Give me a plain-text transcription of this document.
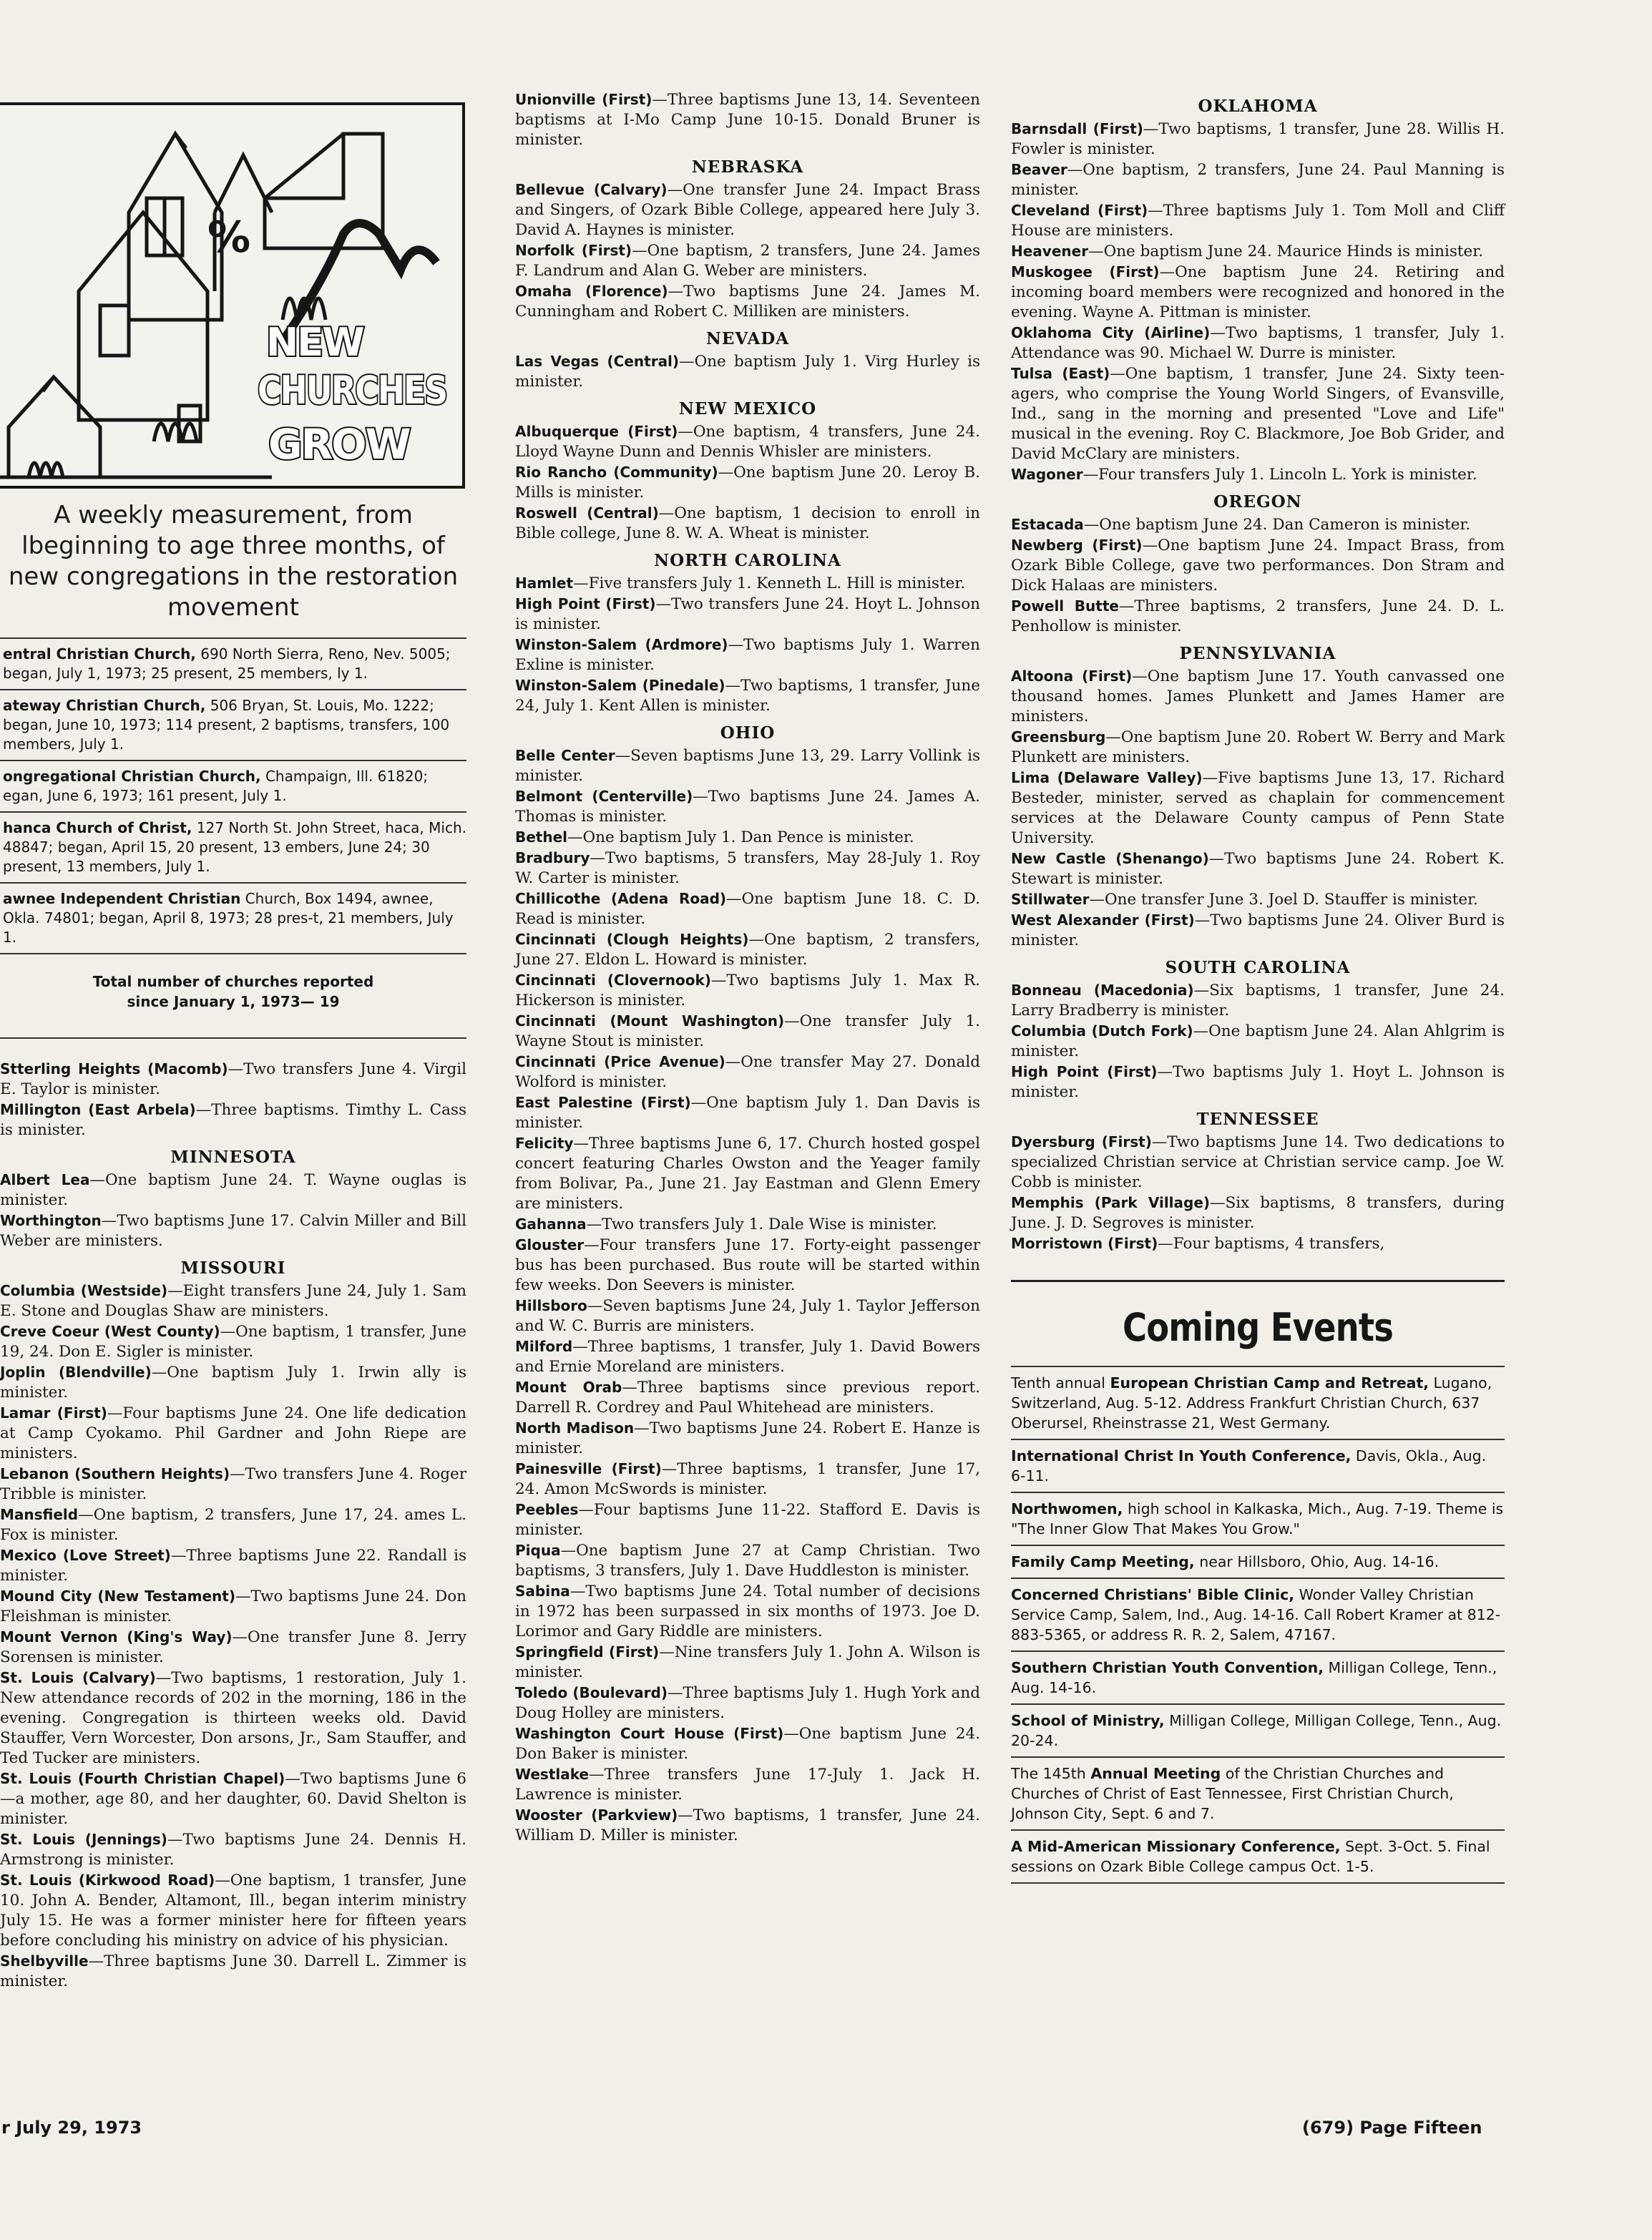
%
NEW
CHURCHES
GROW
A weekly measurement, from lbeginning to age three months, of new congregations in the restoration movement
entral Christian Church, 690 North Sierra, Reno, Nev. 5005; began, July 1, 1973; 25 present, 25 members, ly 1.
ateway Christian Church, 506 Bryan, St. Louis, Mo. 1222; began, June 10, 1973; 114 present, 2 baptisms, transfers, 100 members, July 1.
ongregational Christian Church, Champaign, Ill. 61820; egan, June 6, 1973; 161 present, July 1.
hanca Church of Christ, 127 North St. John Street, haca, Mich. 48847; began, April 15, 20 present, 13 embers, June 24; 30 present, 13 members, July 1.
awnee Independent Christian Church, Box 1494, awnee, Okla. 74801; began, April 8, 1973; 28 pres-t, 21 members, July 1.
Total number of churches reported
since January 1, 1973— 19

Stterling Heights (Macomb)—Two transfers June 4. Virgil E. Taylor is minister.

Millington (East Arbela)—Three baptisms. Timthy L. Cass is minister.

MINNESOTA

Albert Lea—One baptism June 24. T. Wayne ouglas is minister.

Worthington—Two baptisms June 17. Calvin Miller and Bill Weber are ministers.

MISSOURI

Columbia (Westside)—Eight transfers June 24, July 1. Sam E. Stone and Douglas Shaw are ministers.

Creve Coeur (West County)—One baptism, 1 transfer, June 19, 24. Don E. Sigler is minister.

Joplin (Blendville)—One baptism July 1. Irwin ally is minister.

Lamar (First)—Four baptisms June 24. One life dedication at Camp Cyokamo. Phil Gardner and John Riepe are ministers.

Lebanon (Southern Heights)—Two transfers June 4. Roger Tribble is minister.

Mansfield—One baptism, 2 transfers, June 17, 24. ames L. Fox is minister.

Mexico (Love Street)—Three baptisms June 22. Randall is minister.

Mound City (New Testament)—Two baptisms June 24. Don Fleishman is minister.

Mount Vernon (King's Way)—One transfer June 8. Jerry Sorensen is minister.

St. Louis (Calvary)—Two baptisms, 1 restoration, July 1. New attendance records of 202 in the morning, 186 in the evening. Congregation is thirteen weeks old. David Stauffer, Vern Worcester, Don arsons, Jr., Sam Stauffer, and Ted Tucker are ministers.

St. Louis (Fourth Christian Chapel)—Two baptisms June 6—a mother, age 80, and her daughter, 60. David Shelton is minister.

St. Louis (Jennings)—Two baptisms June 24. Dennis H. Armstrong is minister.

St. Louis (Kirkwood Road)—One baptism, 1 transfer, June 10. John A. Bender, Altamont, Ill., began interim ministry July 15. He was a former minister here for fifteen years before concluding his ministry on advice of his physician.

Shelbyville—Three baptisms June 30. Darrell L. Zimmer is minister.

Unionville (First)—Three baptisms June 13, 14. Seventeen baptisms at I-Mo Camp June 10-15. Donald Bruner is minister.

NEBRASKA

Bellevue (Calvary)—One transfer June 24. Impact Brass and Singers, of Ozark Bible College, appeared here July 3. David A. Haynes is minister.

Norfolk (First)—One baptism, 2 transfers, June 24. James F. Landrum and Alan G. Weber are ministers.

Omaha (Florence)—Two baptisms June 24. James M. Cunningham and Robert C. Milliken are ministers.

NEVADA

Las Vegas (Central)—One baptism July 1. Virg Hurley is minister.

NEW MEXICO

Albuquerque (First)—One baptism, 4 transfers, June 24. Lloyd Wayne Dunn and Dennis Whisler are ministers.

Rio Rancho (Community)—One baptism June 20. Leroy B. Mills is minister.

Roswell (Central)—One baptism, 1 decision to enroll in Bible college, June 8. W. A. Wheat is minister.

NORTH CAROLINA

Hamlet—Five transfers July 1. Kenneth L. Hill is minister.

High Point (First)—Two transfers June 24. Hoyt L. Johnson is minister.

Winston-Salem (Ardmore)—Two baptisms July 1. Warren Exline is minister.

Winston-Salem (Pinedale)—Two baptisms, 1 transfer, June 24, July 1. Kent Allen is minister.

OHIO

Belle Center—Seven baptisms June 13, 29. Larry Vollink is minister.

Belmont (Centerville)—Two baptisms June 24. James A. Thomas is minister.

Bethel—One baptism July 1. Dan Pence is minister.

Bradbury—Two baptisms, 5 transfers, May 28-July 1. Roy W. Carter is minister.

Chillicothe (Adena Road)—One baptism June 18. C. D. Read is minister.

Cincinnati (Clough Heights)—One baptism, 2 transfers, June 27. Eldon L. Howard is minister.

Cincinnati (Clovernook)—Two baptisms July 1. Max R. Hickerson is minister.

Cincinnati (Mount Washington)—One transfer July 1. Wayne Stout is minister.

Cincinnati (Price Avenue)—One transfer May 27. Donald Wolford is minister.

East Palestine (First)—One baptism July 1. Dan Davis is minister.

Felicity—Three baptisms June 6, 17. Church hosted gospel concert featuring Charles Owston and the Yeager family from Bolivar, Pa., June 21. Jay Eastman and Glenn Emery are ministers.

Gahanna—Two transfers July 1. Dale Wise is minister.

Glouster—Four transfers June 17. Forty-eight passenger bus has been purchased. Bus route will be started within few weeks. Don Seevers is minister.

Hillsboro—Seven baptisms June 24, July 1. Taylor Jefferson and W. C. Burris are ministers.

Milford—Three baptisms, 1 transfer, July 1. David Bowers and Ernie Moreland are ministers.

Mount Orab—Three baptisms since previous report. Darrell R. Cordrey and Paul Whitehead are ministers.

North Madison—Two baptisms June 24. Robert E. Hanze is minister.

Painesville (First)—Three baptisms, 1 transfer, June 17, 24. Amon McSwords is minister.

Peebles—Four baptisms June 11-22. Stafford E. Davis is minister.

Piqua—One baptism June 27 at Camp Christian. Two baptisms, 3 transfers, July 1. Dave Huddleston is minister.

Sabina—Two baptisms June 24. Total number of decisions in 1972 has been surpassed in six months of 1973. Joe D. Lorimor and Gary Riddle are ministers.

Springfield (First)—Nine transfers July 1. John A. Wilson is minister.

Toledo (Boulevard)—Three baptisms July 1. Hugh York and Doug Holley are ministers.

Washington Court House (First)—One baptism June 24. Don Baker is minister.

Westlake—Three transfers June 17-July 1. Jack H. Lawrence is minister.

Wooster (Parkview)—Two baptisms, 1 transfer, June 24. William D. Miller is minister.

OKLAHOMA

Barnsdall (First)—Two baptisms, 1 transfer, June 28. Willis H. Fowler is minister.

Beaver—One baptism, 2 transfers, June 24. Paul Manning is minister.

Cleveland (First)—Three baptisms July 1. Tom Moll and Cliff House are ministers.

Heavener—One baptism June 24. Maurice Hinds is minister.

Muskogee (First)—One baptism June 24. Retiring and incoming board members were recognized and honored in the evening. Wayne A. Pittman is minister.

Oklahoma City (Airline)—Two baptisms, 1 transfer, July 1. Attendance was 90. Michael W. Durre is minister.

Tulsa (East)—One baptism, 1 transfer, June 24. Sixty teen-agers, who comprise the Young World Singers, of Evansville, Ind., sang in the morning and presented "Love and Life" musical in the evening. Roy C. Blackmore, Joe Bob Grider, and David McClary are ministers.

Wagoner—Four transfers July 1. Lincoln L. York is minister.

OREGON

Estacada—One baptism June 24. Dan Cameron is minister.

Newberg (First)—One baptism June 24. Impact Brass, from Ozark Bible College, gave two performances. Don Stram and Dick Halaas are ministers.

Powell Butte—Three baptisms, 2 transfers, June 24. D. L. Penhollow is minister.

PENNSYLVANIA

Altoona (First)—One baptism June 17. Youth canvassed one thousand homes. James Plunkett and James Hamer are ministers.

Greensburg—One baptism June 20. Robert W. Berry and Mark Plunkett are ministers.

Lima (Delaware Valley)—Five baptisms June 13, 17. Richard Besteder, minister, served as chaplain for commencement services at the Delaware County campus of Penn State University.

New Castle (Shenango)—Two baptisms June 24. Robert K. Stewart is minister.

Stillwater—One transfer June 3. Joel D. Stauffer is minister.

West Alexander (First)—Two baptisms June 24. Oliver Burd is minister.

SOUTH CAROLINA

Bonneau (Macedonia)—Six baptisms, 1 transfer, June 24. Larry Bradberry is minister.

Columbia (Dutch Fork)—One baptism June 24. Alan Ahlgrim is minister.

High Point (First)—Two baptisms July 1. Hoyt L. Johnson is minister.

TENNESSEE

Dyersburg (First)—Two baptisms June 14. Two dedications to specialized Christian service at Christian service camp. Joe W. Cobb is minister.

Memphis (Park Village)—Six baptisms, 8 transfers, during June. J. D. Segroves is minister.

Morristown (First)—Four baptisms, 4 transfers,

Coming Events
Tenth annual European Christian Camp and Retreat, Lugano, Switzerland, Aug. 5-12. Address Frankfurt Christian Church, 637 Oberursel, Rheinstrasse 21, West Germany.
International Christ In Youth Conference, Davis, Okla., Aug. 6-11.
Northwomen, high school in Kalkaska, Mich., Aug. 7-19. Theme is "The Inner Glow That Makes You Grow."
Family Camp Meeting, near Hillsboro, Ohio, Aug. 14-16.
Concerned Christians' Bible Clinic, Wonder Valley Christian Service Camp, Salem, Ind., Aug. 14-16. Call Robert Kramer at 812-883-5365, or address R. R. 2, Salem, 47167.
Southern Christian Youth Convention, Milligan College, Tenn., Aug. 14-16.
School of Ministry, Milligan College, Milligan College, Tenn., Aug. 20-24.
The 145th Annual Meeting of the Christian Churches and Churches of Christ of East Tennessee, First Christian Church, Johnson City, Sept. 6 and 7.
A Mid-American Missionary Conference, Sept. 3-Oct. 5. Final sessions on Ozark Bible College campus Oct. 1-5.
r July 29, 1973	(679) Page Fifteen
